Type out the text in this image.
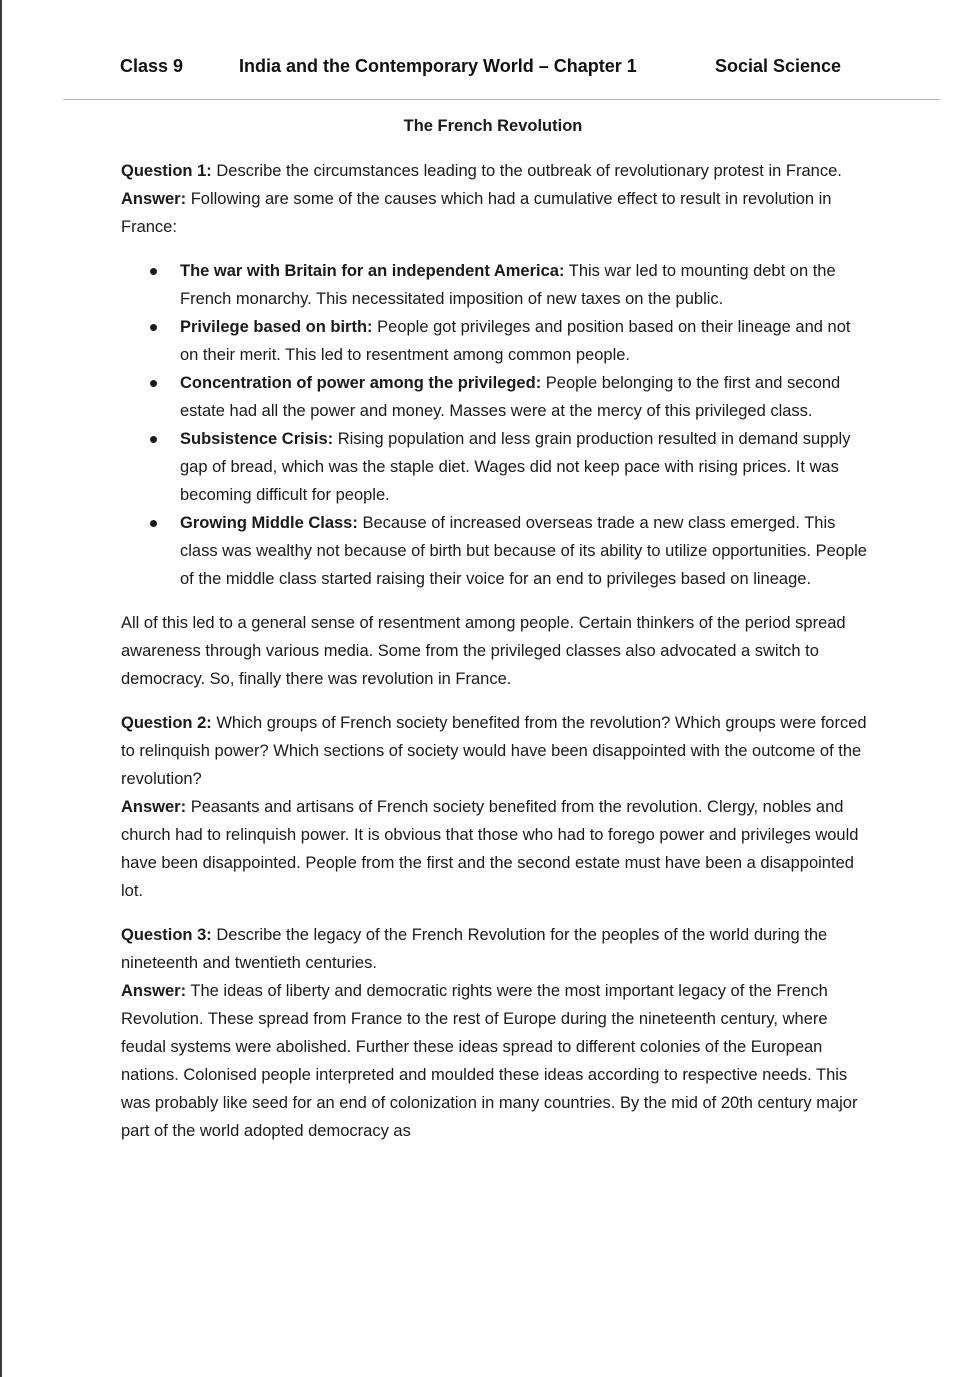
Class 9	India and the Contemporary World – Chapter 1	Social Science
The French Revolution

Question 1: Describe the circumstances leading to the outbreak of revolutionary protest in France.

Answer: Following are some of the causes which had a cumulative effect to result in revolution in France:

The war with Britain for an independent America: This war led to mounting debt on the French monarchy. This necessitated imposition of new taxes on the public.
Privilege based on birth: People got privileges and position based on their lineage and not on their merit. This led to resentment among common people.
Concentration of power among the privileged: People belonging to the first and second estate had all the power and money. Masses were at the mercy of this privileged class.
Subsistence Crisis: Rising population and less grain production resulted in demand supply gap of bread, which was the staple diet. Wages did not keep pace with rising prices. It was becoming difficult for people.
Growing Middle Class: Because of increased overseas trade a new class emerged. This class was wealthy not because of birth but because of its ability to utilize opportunities. People of the middle class started raising their voice for an end to privileges based on lineage.

All of this led to a general sense of resentment among people. Certain thinkers of the period spread awareness through various media. Some from the privileged classes also advocated a switch to democracy. So, finally there was revolution in France.

Question 2: Which groups of French society benefited from the revolution? Which groups were forced to relinquish power? Which sections of society would have been disappointed with the outcome of the revolution?

Answer: Peasants and artisans of French society benefited from the revolution. Clergy, nobles and church had to relinquish power. It is obvious that those who had to forego power and privileges would have been disappointed. People from the first and the second estate must have been a disappointed lot.

Question 3: Describe the legacy of the French Revolution for the peoples of the world during the nineteenth and twentieth centuries.

Answer: The ideas of liberty and democratic rights were the most important legacy of the French Revolution. These spread from France to the rest of Europe during the nineteenth century, where feudal systems were abolished. Further these ideas spread to different colonies of the European nations. Colonised people interpreted and moulded these ideas according to respective needs. This was probably like seed for an end of colonization in many countries. By the mid of 20th century major part of the world adopted democracy as
